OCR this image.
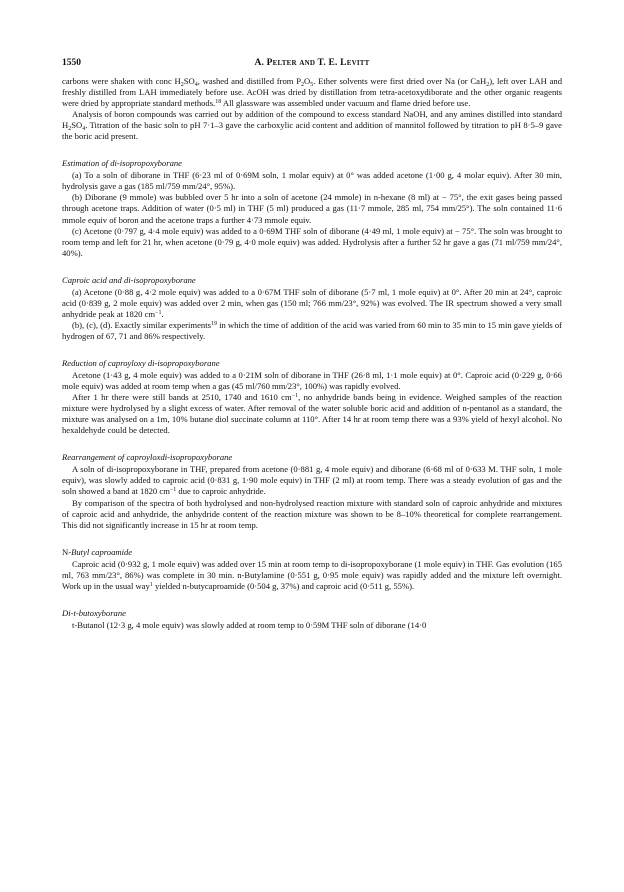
1550	A. Pelter and T. E. Levitt

carbons were shaken with conc $H_2SO_4$, washed and distilled from $P_2O_5$. Ether solvents were first dried over Na (or CaH$_2$), left over LAH and freshly distilled from LAH immediately before use. AcOH was dried by distillation from tetra-acetoxydiborate and the other organic reagents were dried by appropriate standard methods.$^{18}$ All glassware was assembled under vacuum and flame dried before use.

Analysis of boron compounds was carried out by addition of the compound to excess standard NaOH, and any amines distilled into standard $H_2SO_4$. Titration of the basic soln to pH 7·1–3 gave the carboxylic acid content and addition of mannitol followed by titration to pH 8·5–9 gave the boric acid present.

Estimation of di-isopropoxyborane

(a) To a soln of diborane in THF (6·23 ml of 0·69M soln, 1 molar equiv) at 0° was added acetone (1·00 g, 4 molar equiv). After 30 min, hydrolysis gave a gas (185 ml/759 mm/24°, 95%).

(b) Diborane (9 mmole) was bubbled over 5 hr into a soln of acetone (24 mmole) in n-hexane (8 ml) at − 75°, the exit gases being passed through acetone traps. Addition of water (0·5 ml) in THF (5 ml) produced a gas (11·7 mmole, 285 ml, 754 mm/25°). The soln contained 11·6 mmole equiv of boron and the acetone traps a further 4·73 mmole equiv.

(c) Acetone (0·797 g, 4·4 mole equiv) was added to a 0·69M THF soln of diborane (4·49 ml, 1 mole equiv) at − 75°. The soln was brought to room temp and left for 21 hr, when acetone (0·79 g, 4·0 mole equiv) was added. Hydrolysis after a further 52 hr gave a gas (71 ml/759 mm/24°, 40%).

Caproic acid and di-isopropoxyborane

(a) Acetone (0·88 g, 4·2 mole equiv) was added to a 0·67M THF soln of diborane (5·7 ml, 1 mole equiv) at 0°. After 20 min at 24°, caproic acid (0·839 g, 2 mole equiv) was added over 2 min, when gas (150 ml; 766 mm/23°, 92%) was evolved. The IR spectrum showed a very small anhydride peak at 1820 $cm^{-1}$.

(b), (c), (d). Exactly similar experiments$^{19}$ in which the time of addition of the acid was varied from 60 min to 35 min to 15 min gave yields of hydrogen of 67, 71 and 86% respectively.

Reduction of caproyloxy di-isopropoxyborane

Acetone (1·43 g, 4 mole equiv) was added to a 0·21M soln of diborane in THF (26·8 ml, 1·1 mole equiv) at 0°. Caproic acid (0·229 g, 0·66 mole equiv) was added at room temp when a gas (45 ml/760 mm/23°, 100%) was rapidly evolved.

After 1 hr there were still bands at 2510, 1740 and 1610 $cm^{-1}$, no anhydride bands being in evidence. Weighed samples of the reaction mixture were hydrolysed by a slight excess of water. After removal of the water soluble boric acid and addition of n-pentanol as a standard, the mixture was analysed on a 1m, 10% butane diol succinate column at 110°. After 14 hr at room temp there was a 93% yield of hexyl alcohol. No hexaldehyde could be detected.

Rearrangement of caproyloxdi-isopropoxyborane

A soln of di-isopropoxyborane in THF, prepared from acetone (0·881 g, 4 mole equiv) and diborane (6·68 ml of 0·633 M. THF soln, 1 mole equiv), was slowly added to caproic acid (0·831 g, 1·90 mole equiv) in THF (2 ml) at room temp. There was a steady evolution of gas and the soln showed a band at 1820 $cm^{-1}$ due to caproic anhydride.

By comparison of the spectra of both hydrolysed and non-hydrolysed reaction mixture with standard soln of caproic anhydride and mixtures of caproic acid and anhydride, the anhydride content of the reaction mixture was shown to be 8–10% theoretical for complete rearrangement. This did not significantly increase in 15 hr at room temp.

N-Butyl caproamide

Caproic acid (0·932 g, 1 mole equiv) was added over 15 min at room temp to di-isopropoxyborane (1 mole equiv) in THF. Gas evolution (165 ml, 763 mm/23°, 86%) was complete in 30 min. n-Butylamine (0·551 g, 0·95 mole equiv) was rapidly added and the mixture left overnight. Work up in the usual way$^1$ yielded n-butycaproamide (0·504 g, 37%) and caproic acid (0·511 g, 55%).

Di-t-butoxyborane

t-Butanol (12·3 g, 4 mole equiv) was slowly added at room temp to 0·59M THF soln of diborane (14·0
